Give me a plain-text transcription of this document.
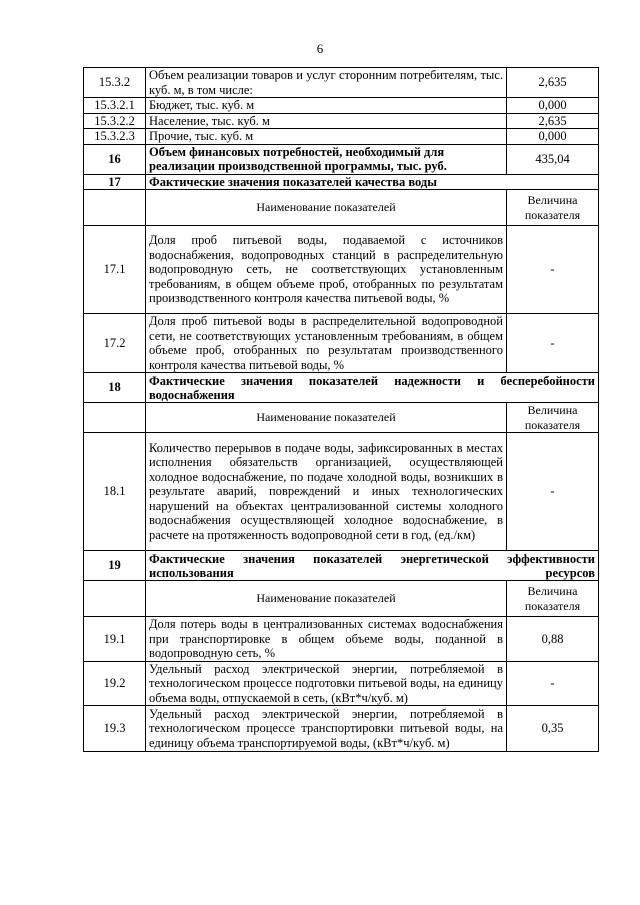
6
15.3.2	Объем реализации товаров и услуг сторонним потребителям, тыс. куб. м, в том числе:	2,635
15.3.2.1	Бюджет, тыс. куб. м	0,000
15.3.2.2	Население, тыс. куб. м	2,635
15.3.2.3	Прочие, тыс. куб. м	0,000
16	Объем финансовых потребностей, необходимый для реализации производственной программы, тыс. руб.	435,04
17	Фактические значения показателей качества воды	
	Наименование показателей	Величина показателя
17.1	Доля проб питьевой воды, подаваемой с источников водоснабжения, водопроводных станций в распределительную водопроводную сеть, не соответствующих установленным требованиям, в общем объеме проб, отобранных по результатам производственного контроля качества питьевой воды, %	-
17.2	Доля проб питьевой воды в распределительной водопроводной сети, не соответствующих установленным требованиям, в общем объеме проб, отобранных по результатам производственного контроля качества питьевой воды, %	-
18	Фактические значения показателей надежности и бесперебойности водоснабжения	
	Наименование показателей	Величина показателя
18.1	Количество перерывов в подаче воды, зафиксированных в местах исполнения обязательств организацией, осуществляющей холодное водоснабжение, по подаче холодной воды, возникших в результате аварий, повреждений и иных технологических нарушений на объектах централизованной системы холодного водоснабжения осуществляющей холодное водоснабжение, в расчете на протяженность водопроводной сети в год, (ед./км)	-
19	Фактические значения показателей энергетической эффективности использования ресурсов	
	Наименование показателей	Величина показателя
19.1	Доля потерь воды в централизованных системах водоснабжения при транспортировке в общем объеме воды, поданной в водопроводную сеть, %	0,88
19.2	Удельный расход электрической энергии, потребляемой в технологическом процессе подготовки питьевой воды, на единицу объема воды, отпускаемой в сеть, (кВт*ч/куб. м)	-
19.3	Удельный расход электрической энергии, потребляемой в технологическом процессе транспортировки питьевой воды, на единицу объема транспортируемой воды, (кВт*ч/куб. м)	0,35
